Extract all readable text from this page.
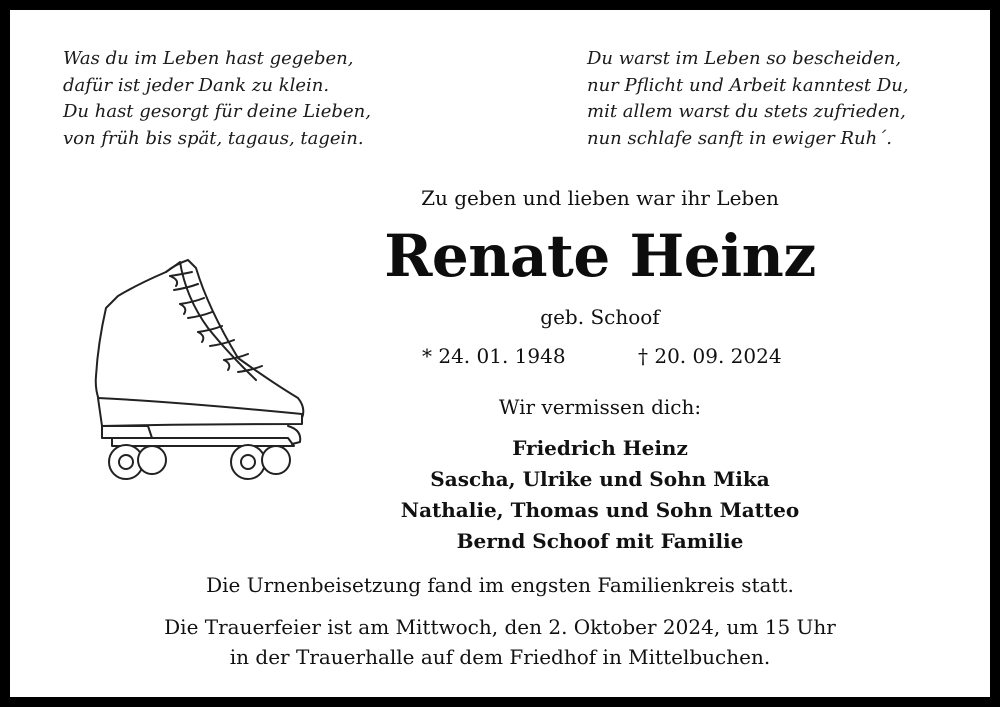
Was du im Leben hast gegeben,
dafür ist jeder Dank zu klein.
Du hast gesorgt für deine Lieben,
von früh bis spät, tagaus, tagein.
Du warst im Leben so bescheiden,
nur Pflicht und Arbeit kanntest Du,
mit allem warst du stets zufrieden,
nun schlafe sanft in ewiger Ruh´.
Zu geben und lieben war ihr Leben
Renate Heinz
geb. Schoof
* 24. 01. 1948	† 20. 09. 2024
Wir vermissen dich:
Friedrich Heinz
Sascha, Ulrike und Sohn Mika
Nathalie, Thomas und Sohn Matteo
Bernd Schoof mit Familie
Die Urnenbeisetzung fand im engsten Familienkreis statt.
Die Trauerfeier ist am Mittwoch, den 2. Oktober 2024, um 15 Uhr
in der Trauerhalle auf dem Friedhof in Mittelbuchen.
